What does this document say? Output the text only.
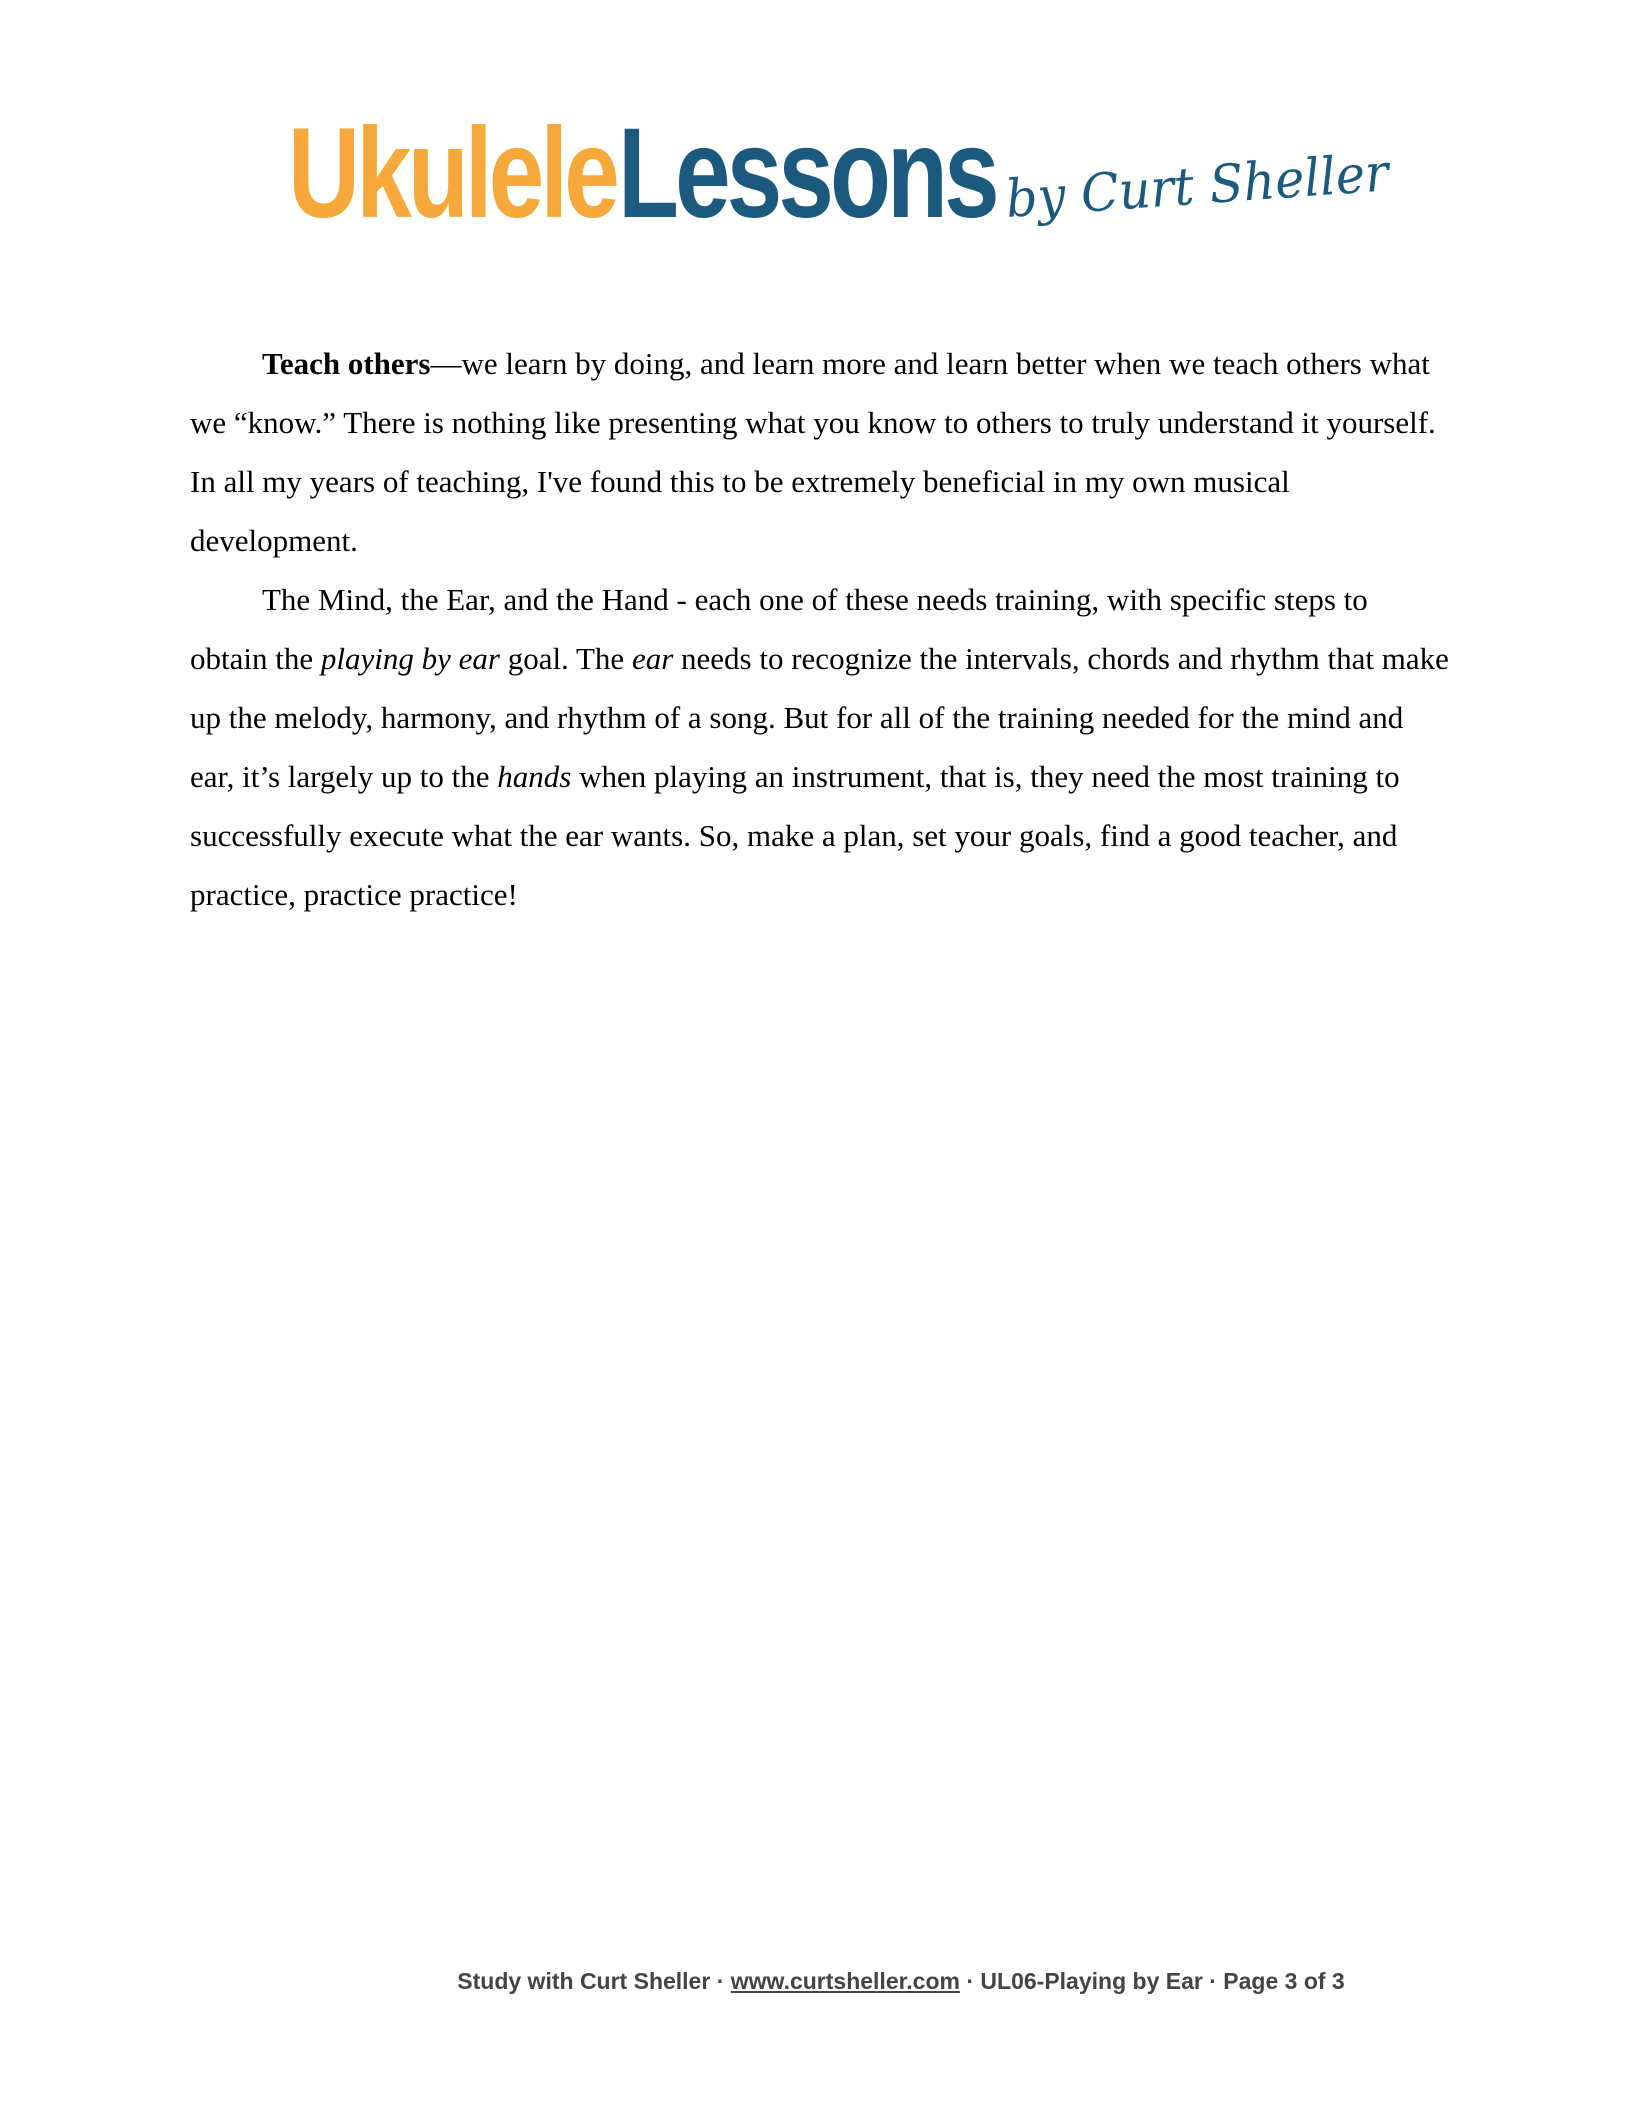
UkuleleLessons by Curt Sheller

Teach others—we learn by doing, and learn more and learn better when we teach others what we “know.” There is nothing like presenting what you know to others to truly understand it yourself. In all my years of teaching, I've found this to be extremely beneficial in my own musical development.

The Mind, the Ear, and the Hand - each one of these needs training, with specific steps to obtain the playing by ear goal. The ear needs to recognize the intervals, chords and rhythm that make up the melody, harmony, and rhythm of a song. But for all of the training needed for the mind and ear, it’s largely up to the hands when playing an instrument, that is, they need the most training to successfully execute what the ear wants. So, make a plan, set your goals, find a good teacher, and practice, practice practice!

Study with Curt Sheller · www.curtsheller.com · UL06-Playing by Ear · Page 3 of 3
